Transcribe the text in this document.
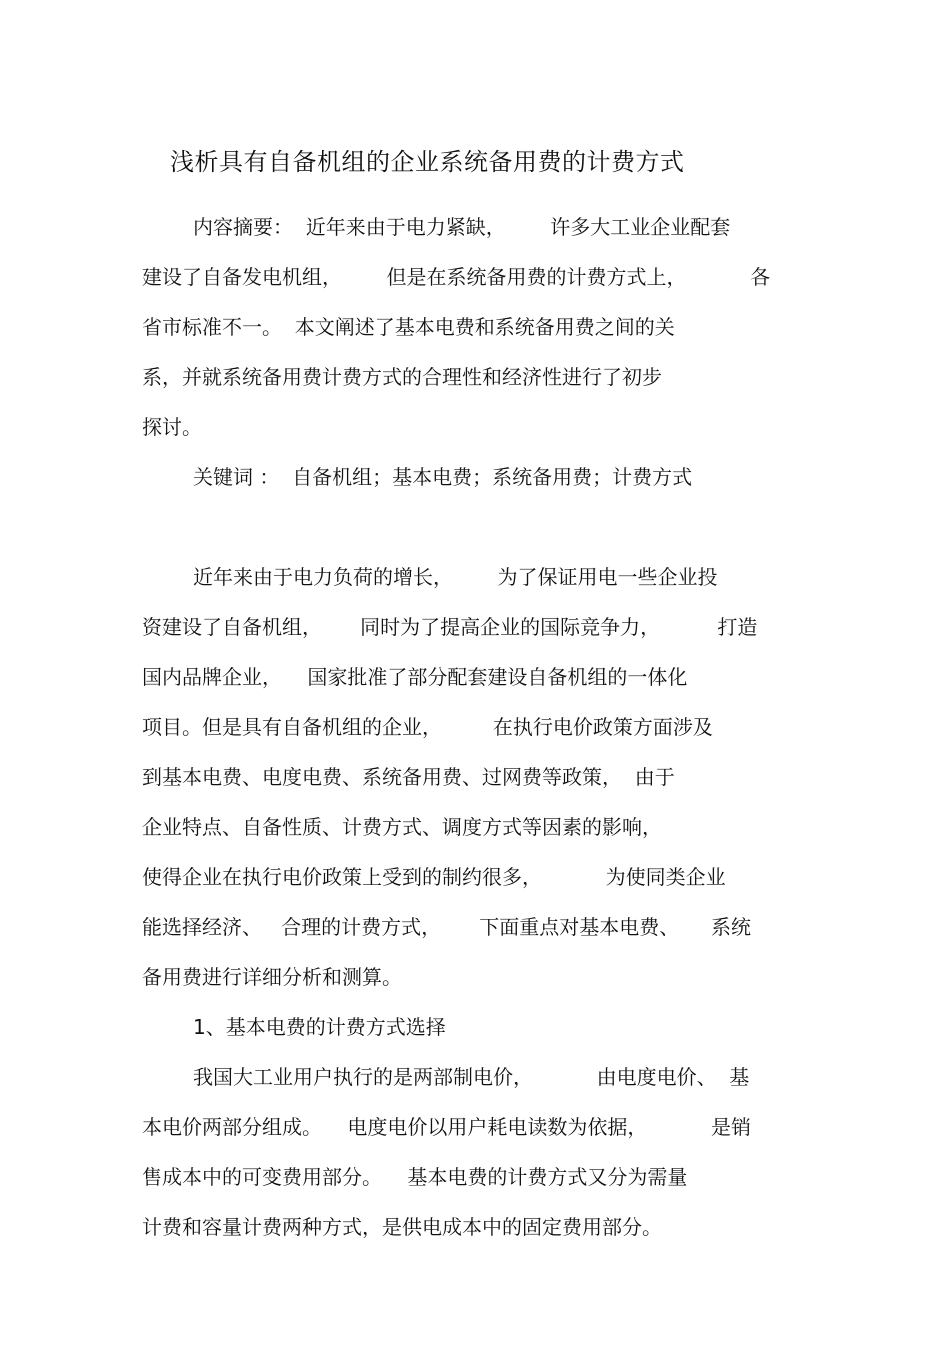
浅析具有自备机组的企业系统备用费的计费方式
内容摘要：  近年来由于电力紧缺，       许多大工业企业配套
建设了自备发电机组，       但是在系统备用费的计费方式上，          各
省市标准不一。  本文阐述了基本电费和系统备用费之间的关
系，并就系统备用费计费方式的合理性和经济性进行了初步
探讨。
关键词 ：  自备机组；基本电费；系统备用费；计费方式
近年来由于电力负荷的增长，       为了保证用电一些企业投
资建设了自备机组，      同时为了提高企业的国际竞争力，         打造
国内品牌企业，    国家批准了部分配套建设自备机组的一体化
项目。但是具有自备机组的企业，        在执行电价政策方面涉及
到基本电费、电度电费、系统备用费、过网费等政策，  由于
企业特点、自备性质、计费方式、调度方式等因素的影响，
使得企业在执行电价政策上受到的制约很多，          为使同类企业
能选择经济、   合理的计费方式，      下面重点对基本电费、     系统
备用费进行详细分析和测算。
1、基本电费的计费方式选择
我国大工业用户执行的是两部制电价，          由电度电价、  基
本电价两部分组成。    电度电价以用户耗电读数为依据，          是销
售成本中的可变费用部分。    基本电费的计费方式又分为需量
计费和容量计费两种方式，是供电成本中的固定费用部分。
